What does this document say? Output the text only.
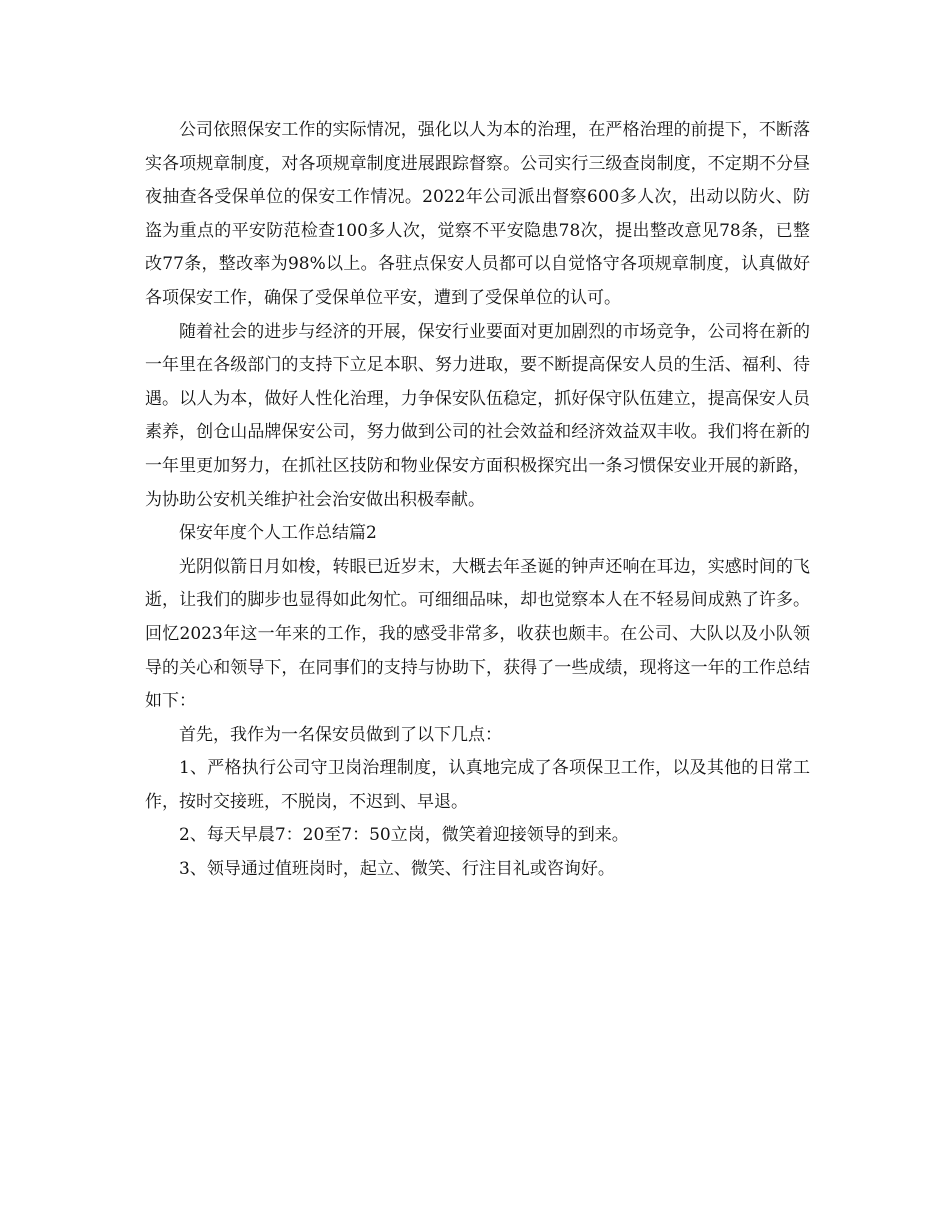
公司依照保安工作的实际情况，强化以人为本的治理，在严格治理的前提下，不断落实各项规章制度，对各项规章制度进展跟踪督察。公司实行三级查岗制度，不定期不分昼夜抽查各受保单位的保安工作情况。2022年公司派出督察600多人次，出动以防火、防盗为重点的平安防范检查100多人次，觉察不平安隐患78次，提出整改意见78条，已整改77条，整改率为98%以上。各驻点保安人员都可以自觉恪守各项规章制度，认真做好各项保安工作，确保了受保单位平安，遭到了受保单位的认可。

随着社会的进步与经济的开展，保安行业要面对更加剧烈的市场竞争，公司将在新的一年里在各级部门的支持下立足本职、努力进取，要不断提高保安人员的生活、福利、待遇。以人为本，做好人性化治理，力争保安队伍稳定，抓好保守队伍建立，提高保安人员素养，创仓山品牌保安公司，努力做到公司的社会效益和经济效益双丰收。我们将在新的一年里更加努力，在抓社区技防和物业保安方面积极探究出一条习惯保安业开展的新路，为协助公安机关维护社会治安做出积极奉献。

保安年度个人工作总结篇2

光阴似箭日月如梭，转眼已近岁末，大概去年圣诞的钟声还响在耳边，实感时间的飞逝，让我们的脚步也显得如此匆忙。可细细品味，却也觉察本人在不轻易间成熟了许多。回忆2023年这一年来的工作，我的感受非常多，收获也颇丰。在公司、大队以及小队领导的关心和领导下，在同事们的支持与协助下，获得了一些成绩，现将这一年的工作总结如下：

首先，我作为一名保安员做到了以下几点：

1、严格执行公司守卫岗治理制度，认真地完成了各项保卫工作，以及其他的日常工作，按时交接班，不脱岗，不迟到、早退。

2、每天早晨7：20至7：50立岗，微笑着迎接领导的到来。

3、领导通过值班岗时，起立、微笑、行注目礼或咨询好。
